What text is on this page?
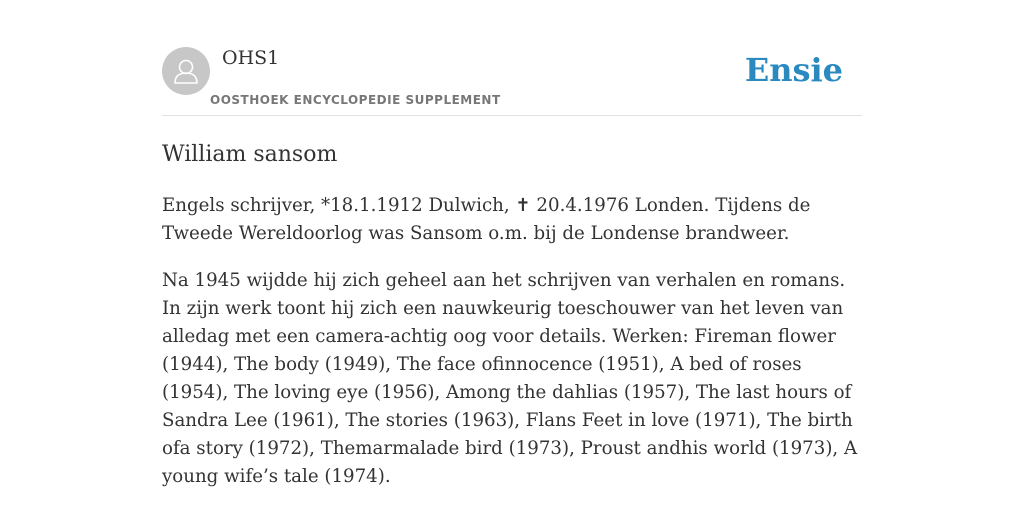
OHS1

OOSTHOEK ENCYCLOPEDIE SUPPLEMENT

Ensie
William sansom

Engels schrijver, *18.1.1912 Dulwich, ✝ 20.4.1976 Londen. Tijdens de Tweede Wereldoorlog was Sansom o.m. bij de Londense brandweer.

Na 1945 wijdde hij zich geheel aan het schrijven van verhalen en romans. In zijn werk toont hij zich een nauwkeurig toeschouwer van het leven van alledag met een camera-achtig oog voor details. Werken: Fireman flower (1944), The body (1949), The face ofinnocence (1951), A bed of roses (1954), The loving eye (1956), Among the dahlias (1957), The last hours of Sandra Lee (1961), The stories (1963), Flans Feet in love (1971), The birth ofa story (1972), Themarmalade bird (1973), Proust andhis world (1973), A young wife’s tale (1974).
